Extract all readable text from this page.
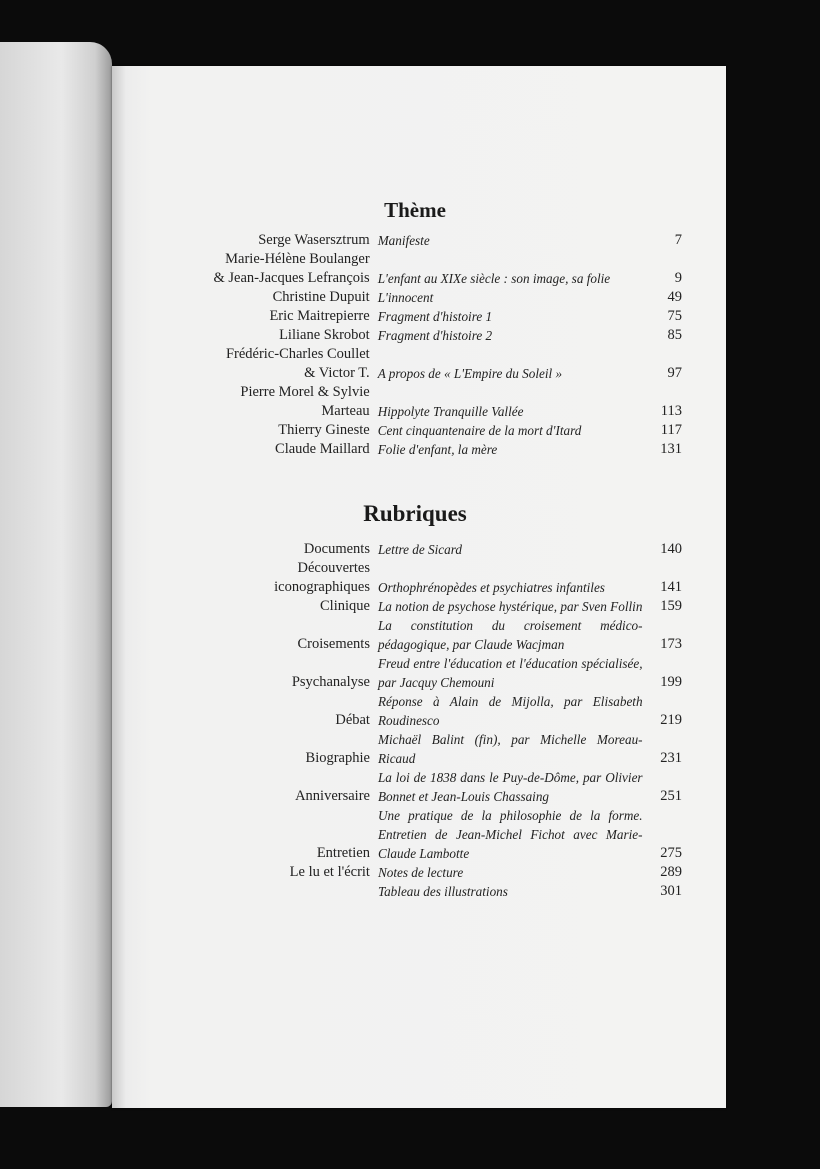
Thème
Serge Wasersztrum	Manifeste	7
Marie-Hélène Boulanger & Jean-Jacques Lefrançois	L'enfant au XIXe siècle : son image, sa folie	9
Christine Dupuit	L'innocent	49
Eric Maitrepierre	Fragment d'histoire 1	75
Liliane Skrobot	Fragment d'histoire 2	85
Frédéric-Charles Coullet & Victor T.	A propos de « L'Empire du Soleil »	97
Pierre Morel & Sylvie Marteau	Hippolyte Tranquille Vallée	113
Thierry Gineste	Cent cinquantenaire de la mort d'Itard	117
Claude Maillard	Folie d'enfant, la mère	131
Rubriques
Documents	Lettre de Sicard	140
Découvertes iconographiques	Orthophrénopèdes et psychiatres infantiles	141
Clinique	La notion de psychose hystérique, par Sven Follin	159
Croisements	La constitution du croisement médico-pédagogique, par Claude Wacjman	173
Psychanalyse	Freud entre l'éducation et l'éducation spécialisée, par Jacquy Chemouni	199
Débat	Réponse à Alain de Mijolla, par Elisabeth Roudinesco	219
Biographie	Michaël Balint (fin), par Michelle Moreau-Ricaud	231
Anniversaire	La loi de 1838 dans le Puy-de-Dôme, par Olivier Bonnet et Jean-Louis Chassaing	251
Entretien	Une pratique de la philosophie de la forme. Entretien de Jean-Michel Fichot avec Marie-Claude Lambotte	275
Le lu et l'écrit	Notes de lecture	289
	Tableau des illustrations	301
